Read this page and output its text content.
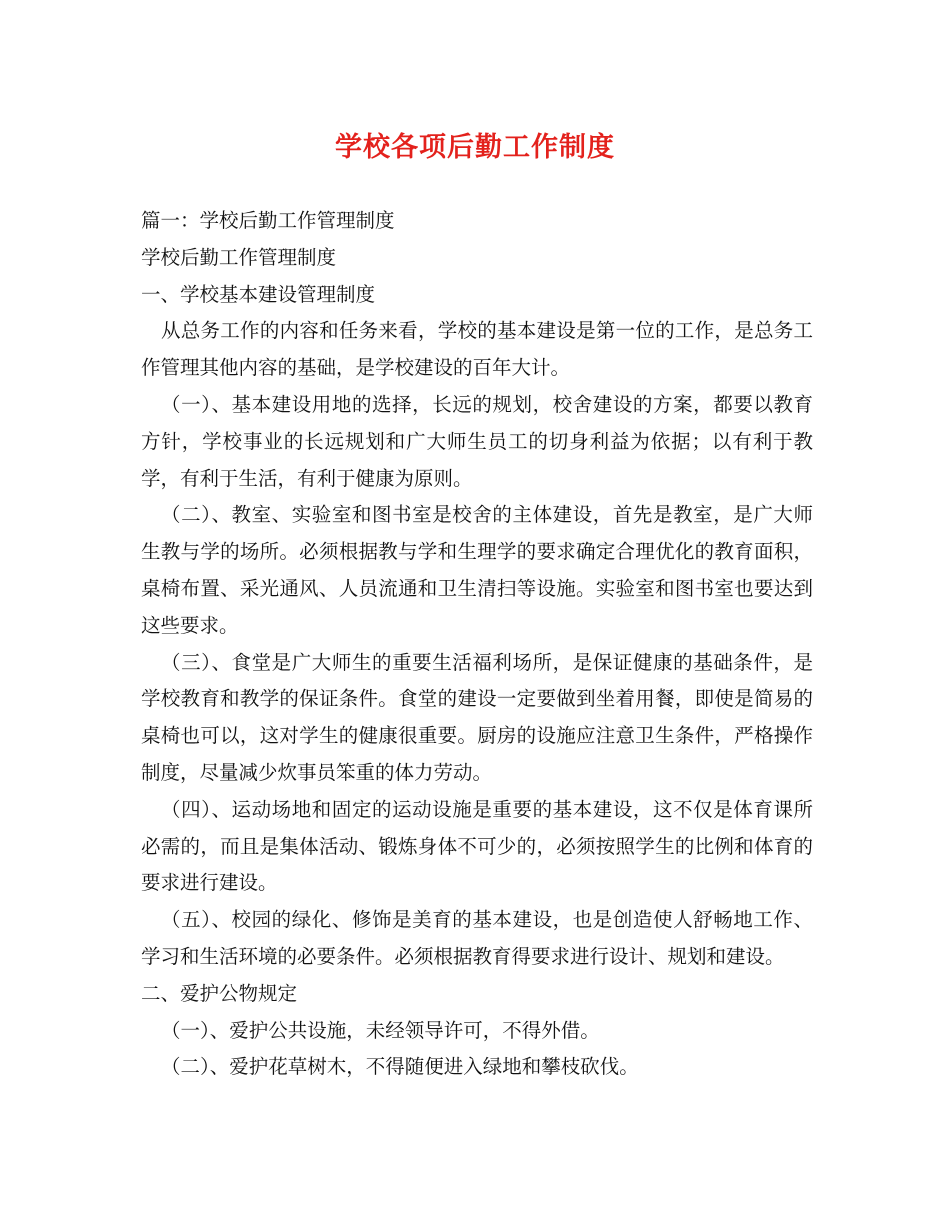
学校各项后勤工作制度

篇一：学校后勤工作管理制度

学校后勤工作管理制度

一、学校基本建设管理制度

从总务工作的内容和任务来看，学校的基本建设是第一位的工作，是总务工作管理其他内容的基础，是学校建设的百年大计。

（一）、基本建设用地的选择，长远的规划，校舍建设的方案，都要以教育方针，学校事业的长远规划和广大师生员工的切身利益为依据；以有利于教学，有利于生活，有利于健康为原则。

（二）、教室、实验室和图书室是校舍的主体建设，首先是教室，是广大师生教与学的场所。必须根据教与学和生理学的要求确定合理优化的教育面积，桌椅布置、采光通风、人员流通和卫生清扫等设施。实验室和图书室也要达到这些要求。

（三）、食堂是广大师生的重要生活福利场所，是保证健康的基础条件，是学校教育和教学的保证条件。食堂的建设一定要做到坐着用餐，即使是简易的桌椅也可以，这对学生的健康很重要。厨房的设施应注意卫生条件，严格操作制度，尽量减少炊事员笨重的体力劳动。

（四）、运动场地和固定的运动设施是重要的基本建设，这不仅是体育课所必需的，而且是集体活动、锻炼身体不可少的，必须按照学生的比例和体育的要求进行建设。

（五）、校园的绿化、修饰是美育的基本建设，也是创造使人舒畅地工作、学习和生活环境的必要条件。必须根据教育得要求进行设计、规划和建设。

二、爱护公物规定

（一）、爱护公共设施，未经领导许可，不得外借。

（二）、爱护花草树木，不得随便进入绿地和攀枝砍伐。
